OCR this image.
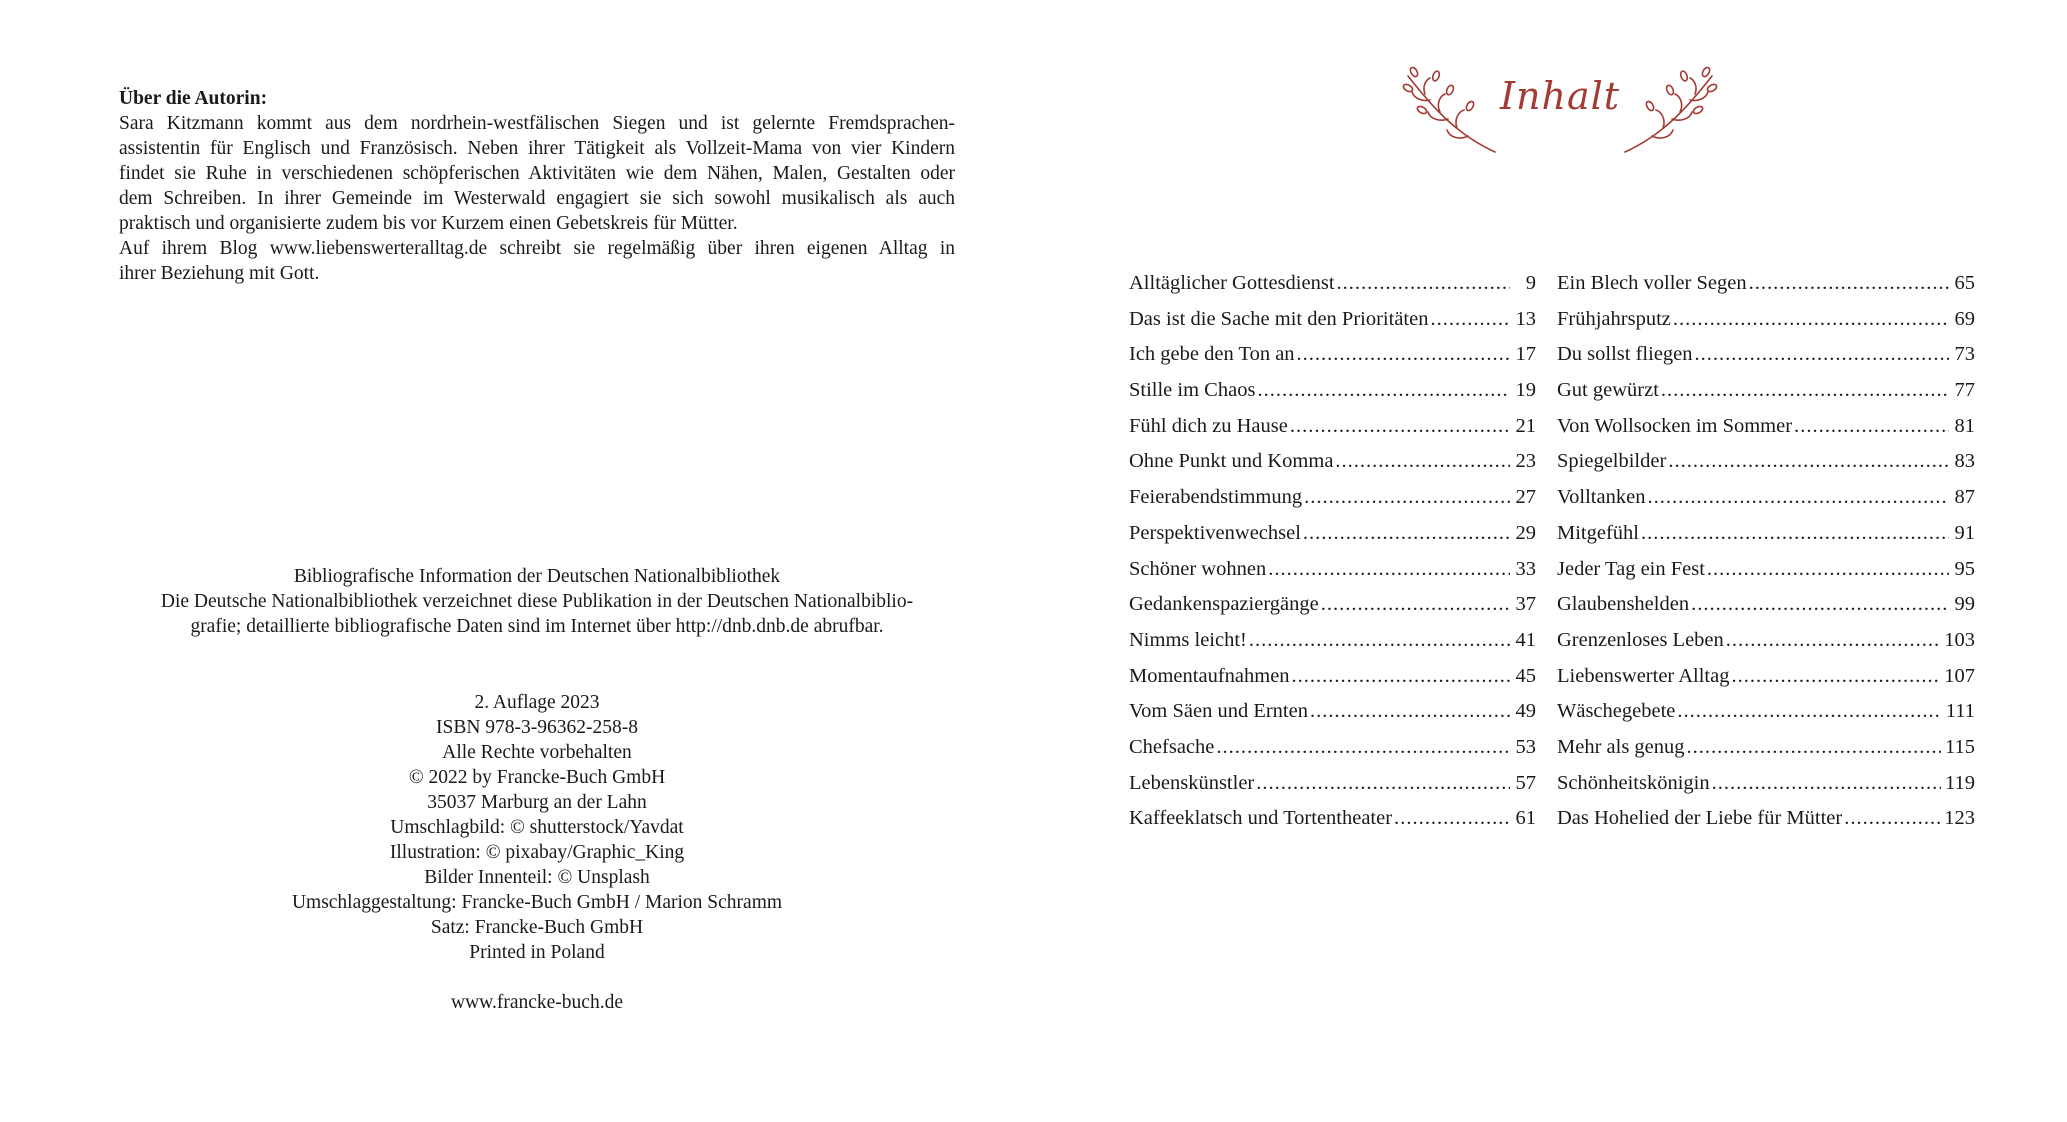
Über die Autorin:
Sara Kitzmann kommt aus dem nordrhein-westfälischen Siegen und ist gelernte Fremdsprachen-
assistentin für Englisch und Französisch. Neben ihrer Tätigkeit als Vollzeit-Mama von vier Kindern
findet sie Ruhe in verschiedenen schöpferischen Aktivitäten wie dem Nähen, Malen, Gestalten oder
dem Schreiben. In ihrer Gemeinde im Westerwald engagiert sie sich sowohl musikalisch als auch
praktisch und organisierte zudem bis vor Kurzem einen Gebetskreis für Mütter.
Auf ihrem Blog www.liebenswerteralltag.de schreibt sie regelmäßig über ihren eigenen Alltag in
ihrer Beziehung mit Gott.
Bibliografische Information der Deutschen Nationalbibliothek
Die Deutsche Nationalbibliothek verzeichnet diese Publikation in der Deutschen Nationalbiblio-
grafie; detaillierte bibliografische Daten sind im Internet über http://dnb.dnb.de abrufbar.
2. Auflage 2023
ISBN 978-3-96362-258-8
Alle Rechte vorbehalten
© 2022 by Francke-Buch GmbH
35037 Marburg an der Lahn
Umschlagbild: © shutterstock/Yavdat
Illustration: © pixabay/Graphic_King
Bilder Innenteil: © Unsplash
Umschlaggestaltung: Francke-Buch GmbH / Marion Schramm
Satz: Francke-Buch GmbH
Printed in Poland
www.francke-buch.de
Inhalt
Alltäglicher Gottesdienst .....	9
Das ist die Sache mit den Prioritäten .....	13
Ich gebe den Ton an .....	17
Stille im Chaos .....	19
Fühl dich zu Hause .....	21
Ohne Punkt und Komma .....	23
Feierabendstimmung .....	27
Perspektivenwechsel .....	29
Schöner wohnen .....	33
Gedankenspaziergänge .....	37
Nimms leicht! .....	41
Momentaufnahmen .....	45
Vom Säen und Ernten .....	49
Chefsache .....	53
Lebenskünstler .....	57
Kaffeeklatsch und Tortentheater .....	61
Ein Blech voller Segen .....	65
Frühjahrsputz .....	69
Du sollst fliegen .....	73
Gut gewürzt .....	77
Von Wollsocken im Sommer .....	81
Spiegelbilder .....	83
Volltanken .....	87
Mitgefühl .....	91
Jeder Tag ein Fest .....	95
Glaubenshelden .....	99
Grenzenloses Leben .....	103
Liebenswerter Alltag .....	107
Wäschegebete .....	111
Mehr als genug .....	115
Schönheitskönigin .....	119
Das Hohelied der Liebe für Mütter .....	123
